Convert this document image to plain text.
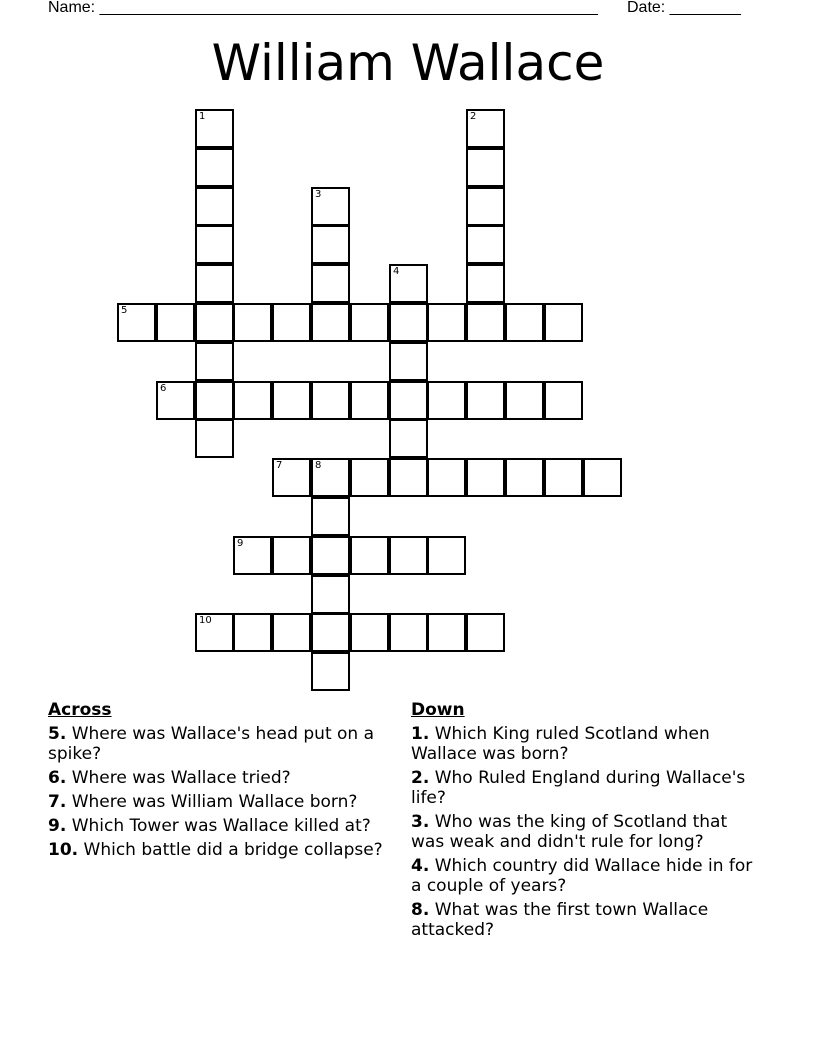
Name: ________________________________________________________ Date: ________
William Wallace
5
6
7	8
9
10
1	2
3
4
Across
5. Where was Wallace's head put on a spike?
6. Where was Wallace tried?
7. Where was William Wallace born?
9. Which Tower was Wallace killed at?
10. Which battle did a bridge collapse?
Down
1. Which King ruled Scotland when Wallace was born?
2. Who Ruled England during Wallace's life?
3. Who was the king of Scotland that was weak and didn't rule for long?
4. Which country did Wallace hide in for a couple of years?
8. What was the first town Wallace attacked?
